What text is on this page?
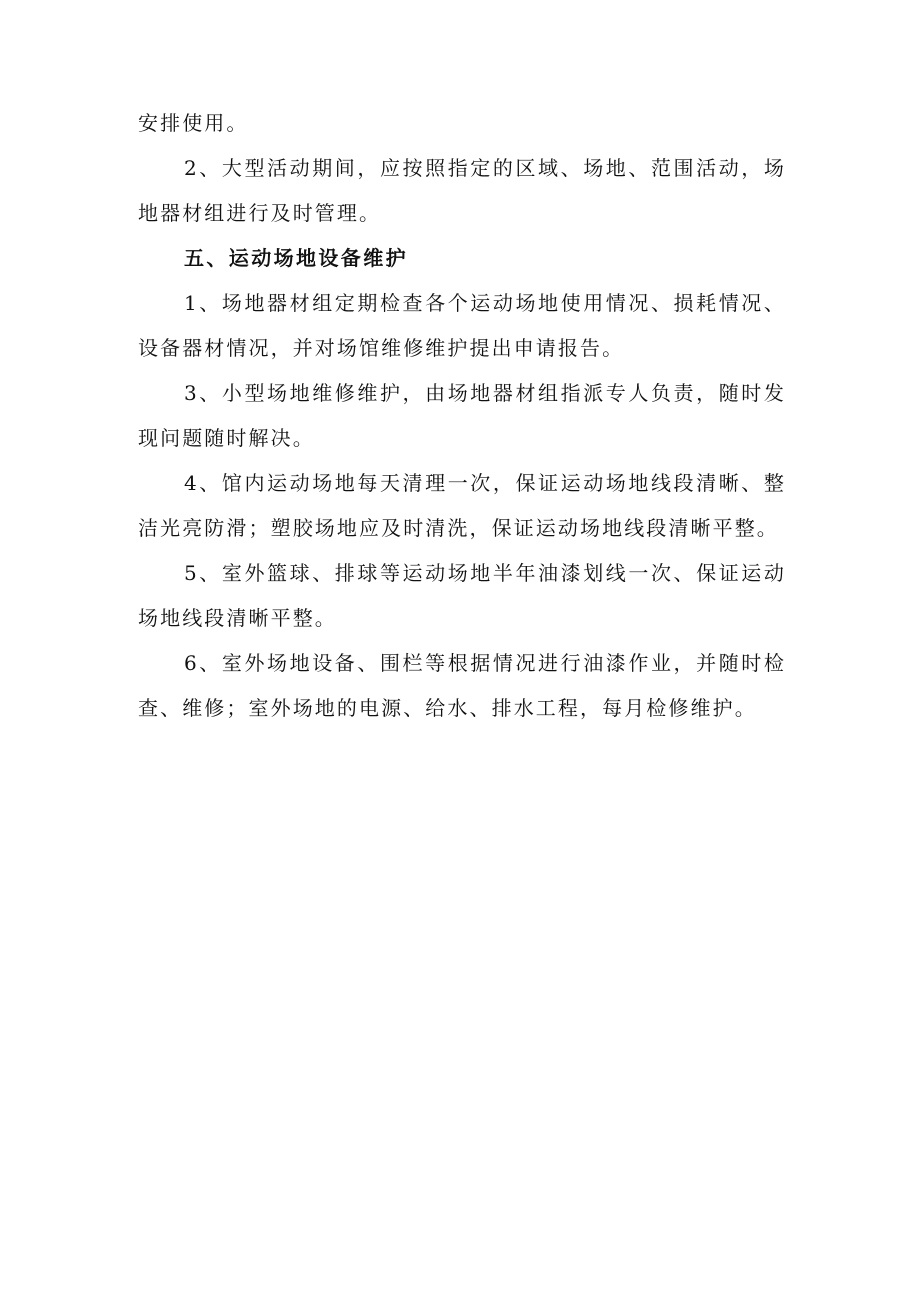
安排使用。

2、大型活动期间，应按照指定的区域、场地、范围活动，场地器材组进行及时管理。

五、运动场地设备维护

1、场地器材组定期检查各个运动场地使用情况、损耗情况、设备器材情况，并对场馆维修维护提出申请报告。

3、小型场地维修维护，由场地器材组指派专人负责，随时发现问题随时解决。

4、馆内运动场地每天清理一次，保证运动场地线段清晰、整洁光亮防滑；塑胶场地应及时清洗，保证运动场地线段清晰平整。

5、室外篮球、排球等运动场地半年油漆划线一次、保证运动场地线段清晰平整。

6、室外场地设备、围栏等根据情况进行油漆作业，并随时检查、维修；室外场地的电源、给水、排水工程，每月检修维护。
